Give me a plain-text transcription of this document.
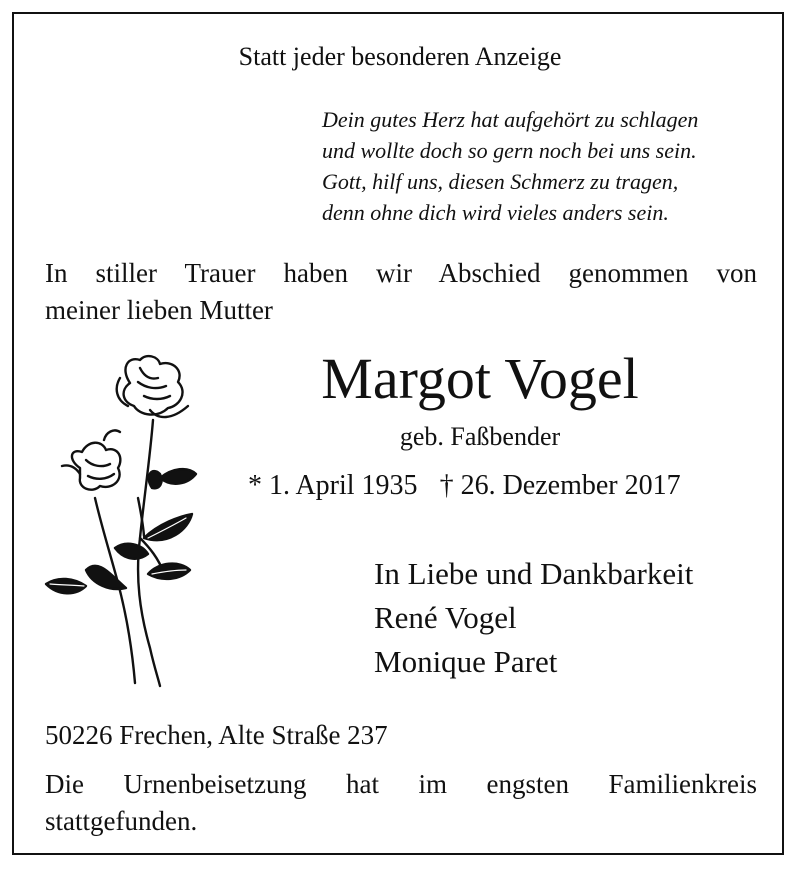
Statt jeder besonderen Anzeige

Dein gutes Herz hat aufgehört zu schlagen
und wollte doch so gern noch bei uns sein.
Gott, hilf uns, diesen Schmerz zu tragen,
denn ohne dich wird vieles anders sein.
In stiller Trauer haben wir Abschied genommen von
meiner lieben Mutter

Margot Vogel

geb. Faßbender

* 1. April 1935 † 26. Dezember 2017
In Liebe und Dankbarkeit
René Vogel
Monique Paret

50226 Frechen, Alte Straße 237

Die Urnenbeisetzung hat im engsten Familienkreis
stattgefunden.
